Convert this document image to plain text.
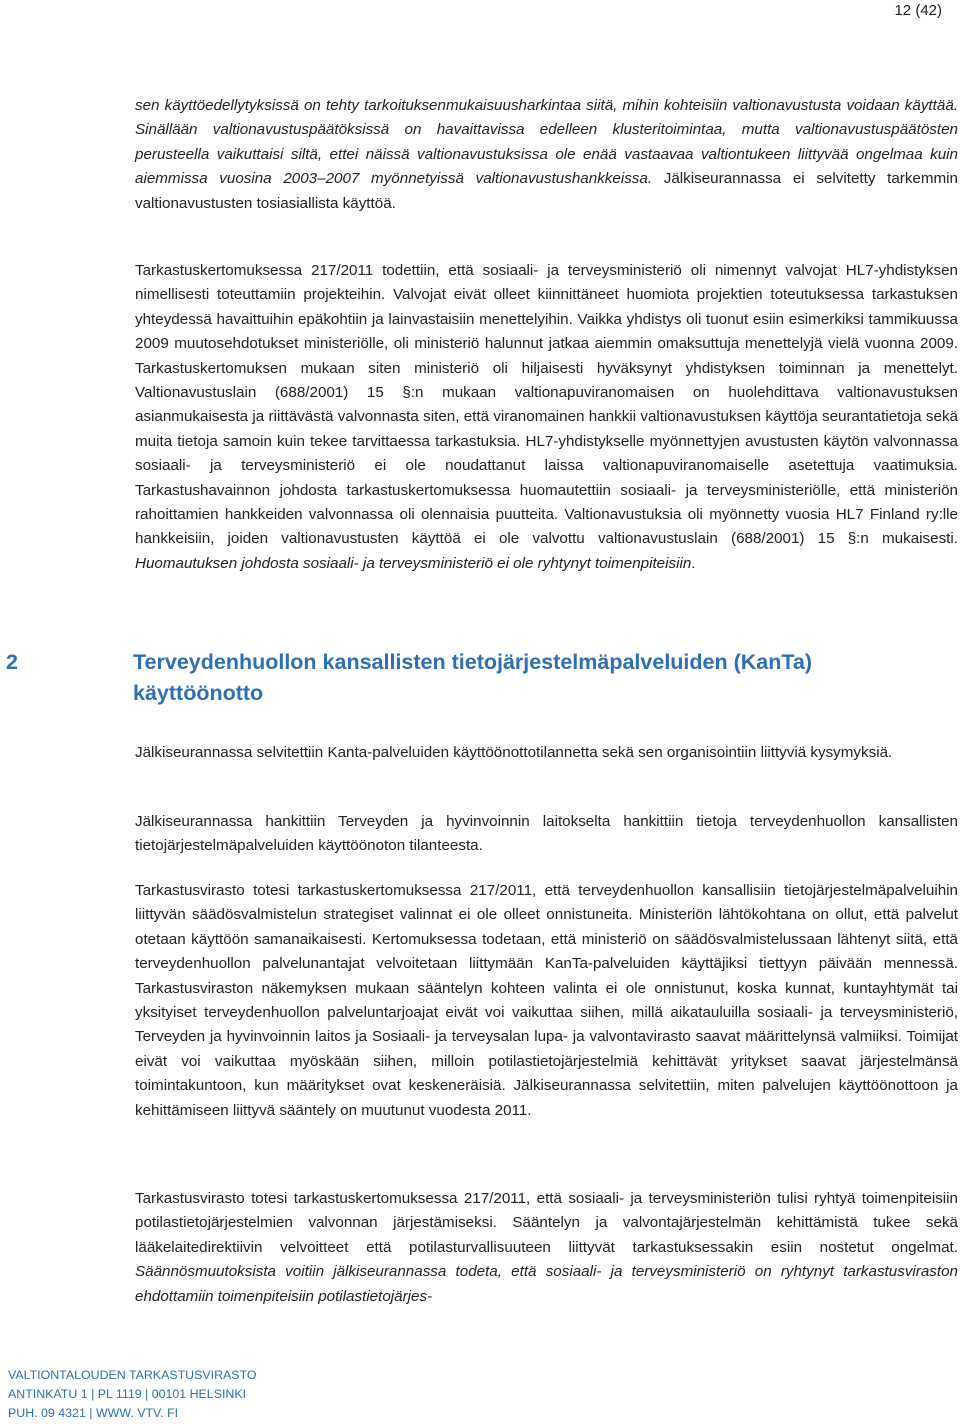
12 (42)

sen käyttöedellytyksissä on tehty tarkoituksenmukaisuusharkintaa siitä, mihin kohteisiin valtionavustusta voidaan käyttää. Sinällään valtionavustuspäätöksissä on havaittavissa edelleen klusteritoimintaa, mutta valtionavustuspäätösten perusteella vaikuttaisi siltä, ettei näissä valtionavustuksissa ole enää vastaavaa valtiontukeen liittyvää ongelmaa kuin aiemmissa vuosina 2003–2007 myönnetyissä valtionavustushankkeissa. Jälkiseurannassa ei selvitetty tarkemmin valtionavustusten tosiasiallista käyttöä.

Tarkastuskertomuksessa 217/2011 todettiin, että sosiaali- ja terveysministeriö oli nimennyt valvojat HL7-yhdistyksen nimellisesti toteuttamiin projekteihin. Valvojat eivät olleet kiinnittäneet huomiota projektien toteutuksessa tarkastuksen yhteydessä havaittuihin epäkohtiin ja lainvastaisiin menettelyihin. Vaikka yhdistys oli tuonut esiin esimerkiksi tammikuussa 2009 muutosehdotukset ministeriölle, oli ministeriö halunnut jatkaa aiemmin omaksuttuja menettelyjä vielä vuonna 2009. Tarkastuskertomuksen mukaan siten ministeriö oli hiljaisesti hyväksynyt yhdistyksen toiminnan ja menettelyt. Valtionavustuslain (688/2001) 15 §:n mukaan valtionapuviranomaisen on huolehdittava valtionavustuksen asianmukaisesta ja riittävästä valvonnasta siten, että viranomainen hankkii valtionavustuksen käyttöja seurantatietoja sekä muita tietoja samoin kuin tekee tarvittaessa tarkastuksia. HL7-yhdistykselle myönnettyjen avustusten käytön valvonnassa sosiaali- ja terveysministeriö ei ole noudattanut laissa valtionapuviranomaiselle asetettuja vaatimuksia. Tarkastushavainnon johdosta tarkastuskertomuksessa huomautettiin sosiaali- ja terveysministeriölle, että ministeriön rahoittamien hankkeiden valvonnassa oli olennaisia puutteita. Valtionavustuksia oli myönnetty vuosia HL7 Finland ry:lle hankkeisiin, joiden valtionavustusten käyttöä ei ole valvottu valtionavustuslain (688/2001) 15 §:n mukaisesti. Huomautuksen johdosta sosiaali- ja terveysministeriö ei ole ryhtynyt toimenpiteisiin.

2	Terveydenhuollon kansallisten tietojärjestelmäpalveluiden (KanTa) käyttöönotto

Jälkiseurannassa selvitettiin Kanta-palveluiden käyttöönottotilannetta sekä sen organisointiin liittyviä kysymyksiä.

Jälkiseurannassa hankittiin Terveyden ja hyvinvoinnin laitokselta hankittiin tietoja terveydenhuollon kansallisten tietojärjestelmäpalveluiden käyttöönoton tilanteesta.

Tarkastusvirasto totesi tarkastuskertomuksessa 217/2011, että terveydenhuollon kansallisiin tietojärjestelmäpalveluihin liittyvän säädösvalmistelun strategiset valinnat ei ole olleet onnistuneita. Ministeriön lähtökohtana on ollut, että palvelut otetaan käyttöön samanaikaisesti. Kertomuksessa todetaan, että ministeriö on säädösvalmistelussaan lähtenyt siitä, että terveydenhuollon palvelunantajat velvoitetaan liittymään KanTa-palveluiden käyttäjiksi tiettyyn päivään mennessä. Tarkastusviraston näkemyksen mukaan sääntelyn kohteen valinta ei ole onnistunut, koska kunnat, kuntayhtymät tai yksityiset terveydenhuollon palveluntarjoajat eivät voi vaikuttaa siihen, millä aikatauluilla sosiaali- ja terveysministeriö, Terveyden ja hyvinvoinnin laitos ja Sosiaali- ja terveysalan lupa- ja valvontavirasto saavat määrittelynsä valmiiksi. Toimijat eivät voi vaikuttaa myöskään siihen, milloin potilastietojärjestelmiä kehittävät yritykset saavat järjestelmänsä toimintakuntoon, kun määritykset ovat keskeneräisiä. Jälkiseurannassa selvitettiin, miten palvelujen käyttöönottoon ja kehittämiseen liittyvä sääntely on muutunut vuodesta 2011.

Tarkastusvirasto totesi tarkastuskertomuksessa 217/2011, että sosiaali- ja terveysministeriön tulisi ryhtyä toimenpiteisiin potilastietojärjestelmien valvonnan järjestämiseksi. Sääntelyn ja valvontajärjestelmän kehittämistä tukee sekä lääkelaitedirektiivin velvoitteet että potilasturvallisuuteen liittyvät tarkastuksessakin esiin nostetut ongelmat. Säännösmuutoksista voitiin jälkiseurannassa todeta, että sosiaali- ja terveysministeriö on ryhtynyt tarkastusviraston ehdottamiin toimenpiteisiin potilastietojärjes-

VALTIONTALOUDEN TARKASTUSVIRASTO
ANTINKATU 1 | PL 1119 | 00101 HELSINKI
PUH. 09 4321 | WWW. VTV. FI
